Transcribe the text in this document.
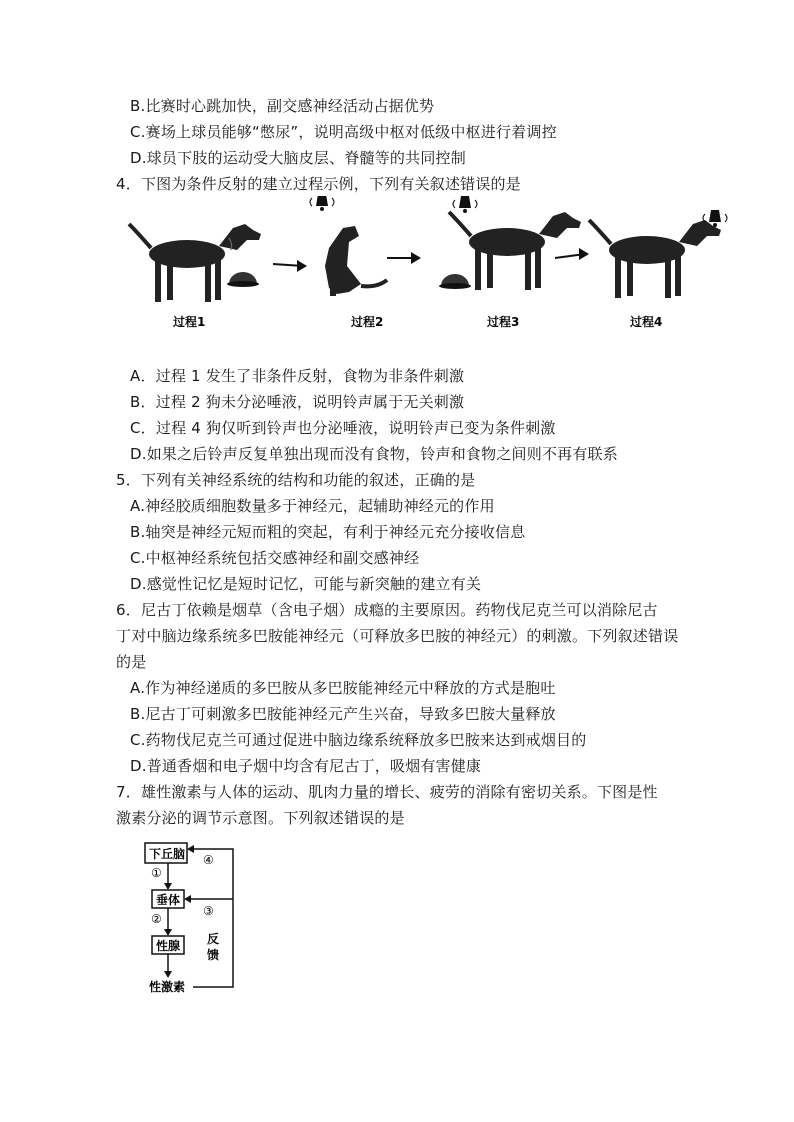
B.比赛时心跳加快，副交感神经活动占据优势
C.赛场上球员能够“憋尿”，说明高级中枢对低级中枢进行着调控
D.球员下肢的运动受大脑皮层、脊髓等的共同控制
4．下图为条件反射的建立过程示例，下列有关叙述错误的是
过程1	过程2	过程3	过程4
A．过程 1 发生了非条件反射，食物为非条件刺激
B．过程 2 狗未分泌唾液，说明铃声属于无关刺激
C．过程 4 狗仅听到铃声也分泌唾液，说明铃声已变为条件刺激
D.如果之后铃声反复单独出现而没有食物，铃声和食物之间则不再有联系
5．下列有关神经系统的结构和功能的叙述，正确的是
A.神经胶质细胞数量多于神经元，起辅助神经元的作用
B.轴突是神经元短而粗的突起，有利于神经元充分接收信息
C.中枢神经系统包括交感神经和副交感神经
D.感觉性记忆是短时记忆，可能与新突触的建立有关
6．尼古丁依赖是烟草（含电子烟）成瘾的主要原因。药物伐尼克兰可以消除尼古
丁对中脑边缘系统多巴胺能神经元（可释放多巴胺的神经元）的刺激。下列叙述错误
的是
A.作为神经递质的多巴胺从多巴胺能神经元中释放的方式是胞吐
B.尼古丁可刺激多巴胺能神经元产生兴奋，导致多巴胺大量释放
C.药物伐尼克兰可通过促进中脑边缘系统释放多巴胺来达到戒烟目的
D.普通香烟和电子烟中均含有尼古丁，吸烟有害健康
7．雄性激素与人体的运动、肌肉力量的增长、疲劳的消除有密切关系。下图是性
激素分泌的调节示意图。下列叙述错误的是
下丘脑
垂体
性腺
性激素
①
②
③
④
反
馈
